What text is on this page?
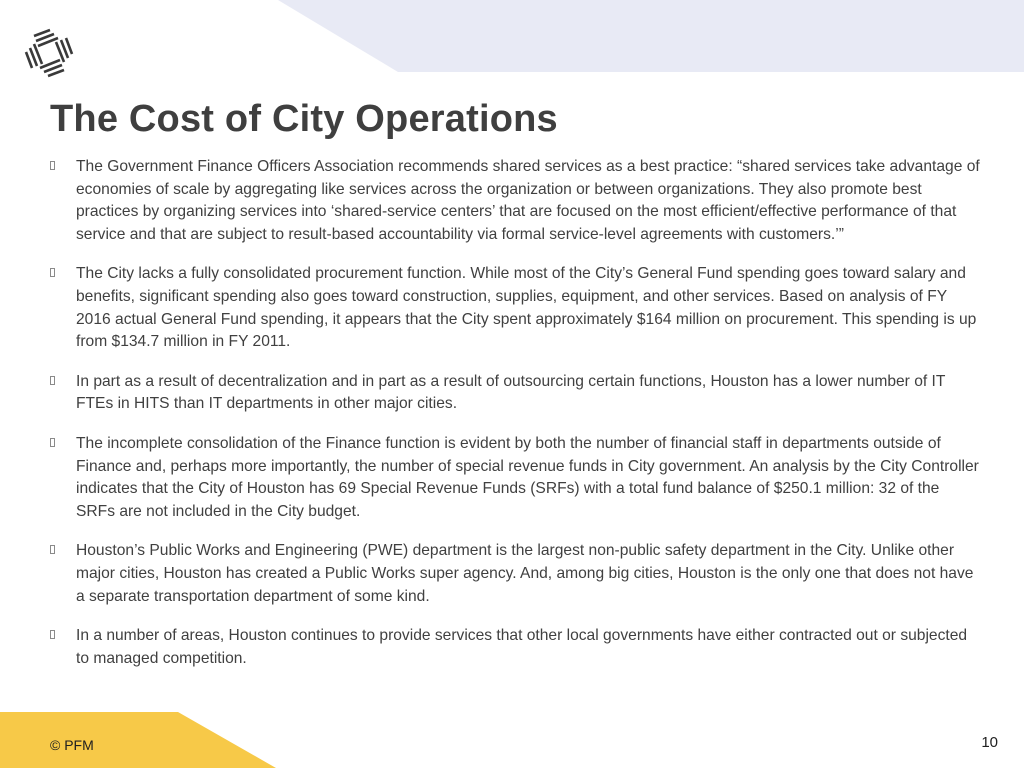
The Cost of City Operations
The Government Finance Officers Association recommends shared services as a best practice: “shared services take advantage of economies of scale by aggregating like services across the organization or between organizations. They also promote best practices by organizing services into ‘shared-service centers’ that are focused on the most efficient/effective performance of that service and that are subject to result-based accountability via formal service-level agreements with customers.’”
The City lacks a fully consolidated procurement function. While most of the City’s General Fund spending goes toward salary and benefits, significant spending also goes toward construction, supplies, equipment, and other services. Based on analysis of FY 2016 actual General Fund spending, it appears that the City spent approximately $164 million on procurement. This spending is up from $134.7 million in FY 2011.
In part as a result of decentralization and in part as a result of outsourcing certain functions, Houston has a lower number of IT FTEs in HITS than IT departments in other major cities.
The incomplete consolidation of the Finance function is evident by both the number of financial staff in departments outside of Finance and, perhaps more importantly, the number of special revenue funds in City government. An analysis by the City Controller indicates that the City of Houston has 69 Special Revenue Funds (SRFs) with a total fund balance of $250.1 million: 32 of the SRFs are not included in the City budget.
Houston’s Public Works and Engineering (PWE) department is the largest non-public safety department in the City. Unlike other major cities, Houston has created a Public Works super agency. And, among big cities, Houston is the only one that does not have a separate transportation department of some kind.
In a number of areas, Houston continues to provide services that other local governments have either contracted out or subjected to managed competition.
© PFM	10
